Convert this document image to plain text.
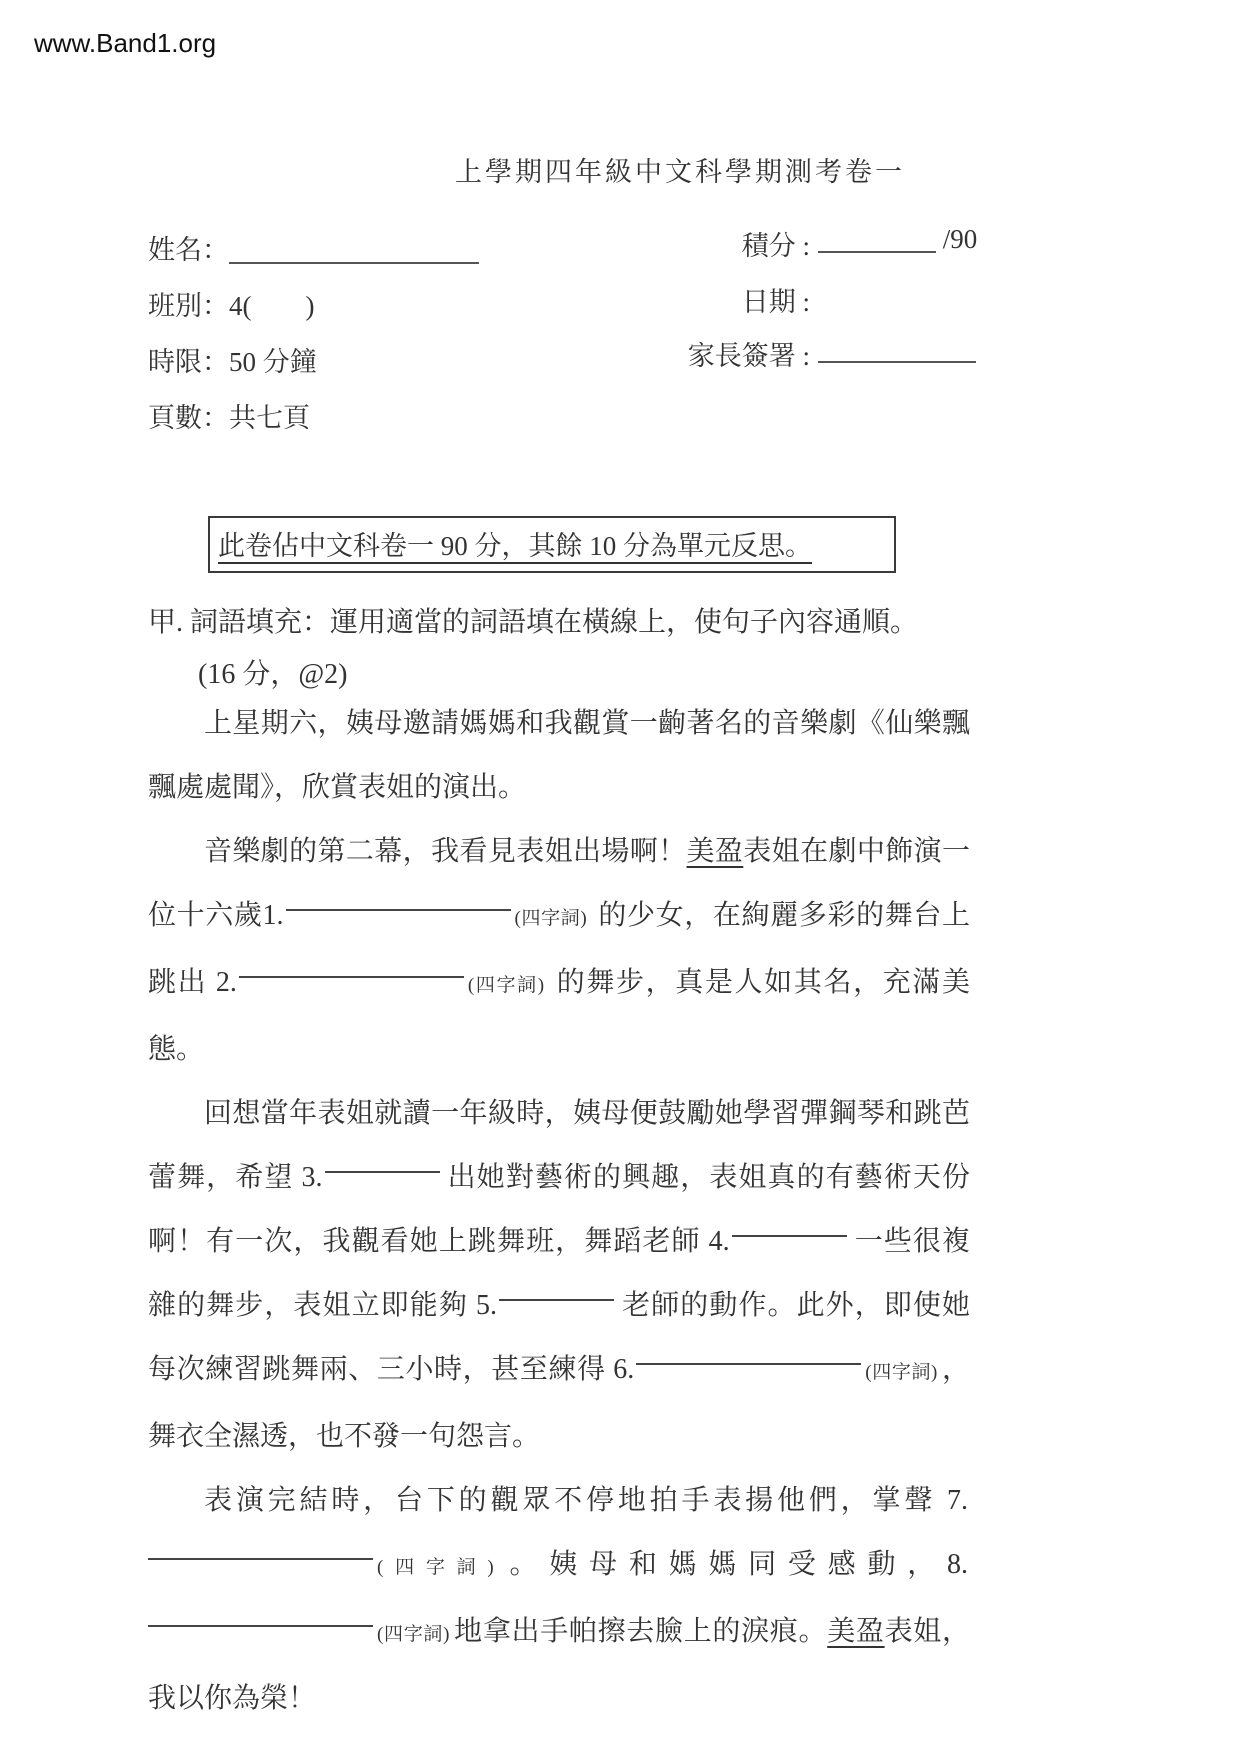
www.Band1.org
上學期四年級中文科學期測考卷一
姓名：
班別：4(　　)
時限：50 分鐘
頁數：共七頁
積分 :	/90
日期 :
家長簽署 :

此卷佔中文科卷一 90 分，其餘 10 分為單元反思。
甲. 詞語填充：運用適當的詞語填在橫線上，使句子內容通順。
(16 分，@2)

上星期六，姨母邀請媽媽和我觀賞一齣著名的音樂劇《仙樂飄飄處處聞》，欣賞表姐的演出。

音樂劇的第二幕，我看見表姐出場啊！美盈表姐在劇中飾演一位十六歲1.	(四字詞) 的少女，在絢麗多彩的舞台上跳出 2.	(四字詞) 的舞步，真是人如其名，充滿美態。

回想當年表姐就讀一年級時，姨母便鼓勵她學習彈鋼琴和跳芭蕾舞，希望 3.	出她對藝術的興趣，表姐真的有藝術天份啊！有一次，我觀看她上跳舞班，舞蹈老師 4.	一些很複雜的舞步，表姐立即能夠 5.	老師的動作。此外，即使她每次練習跳舞兩、三小時，甚至練得 6.	(四字詞) ，舞衣全濕透，也不發一句怨言。

表演完結時，台下的觀眾不停地拍手表揚他們，掌聲 7. (四字詞) 。姨母和媽媽同受感動，8. (四字詞) 地拿出手帕擦去臉上的淚痕。美盈表姐，我以你為榮！
